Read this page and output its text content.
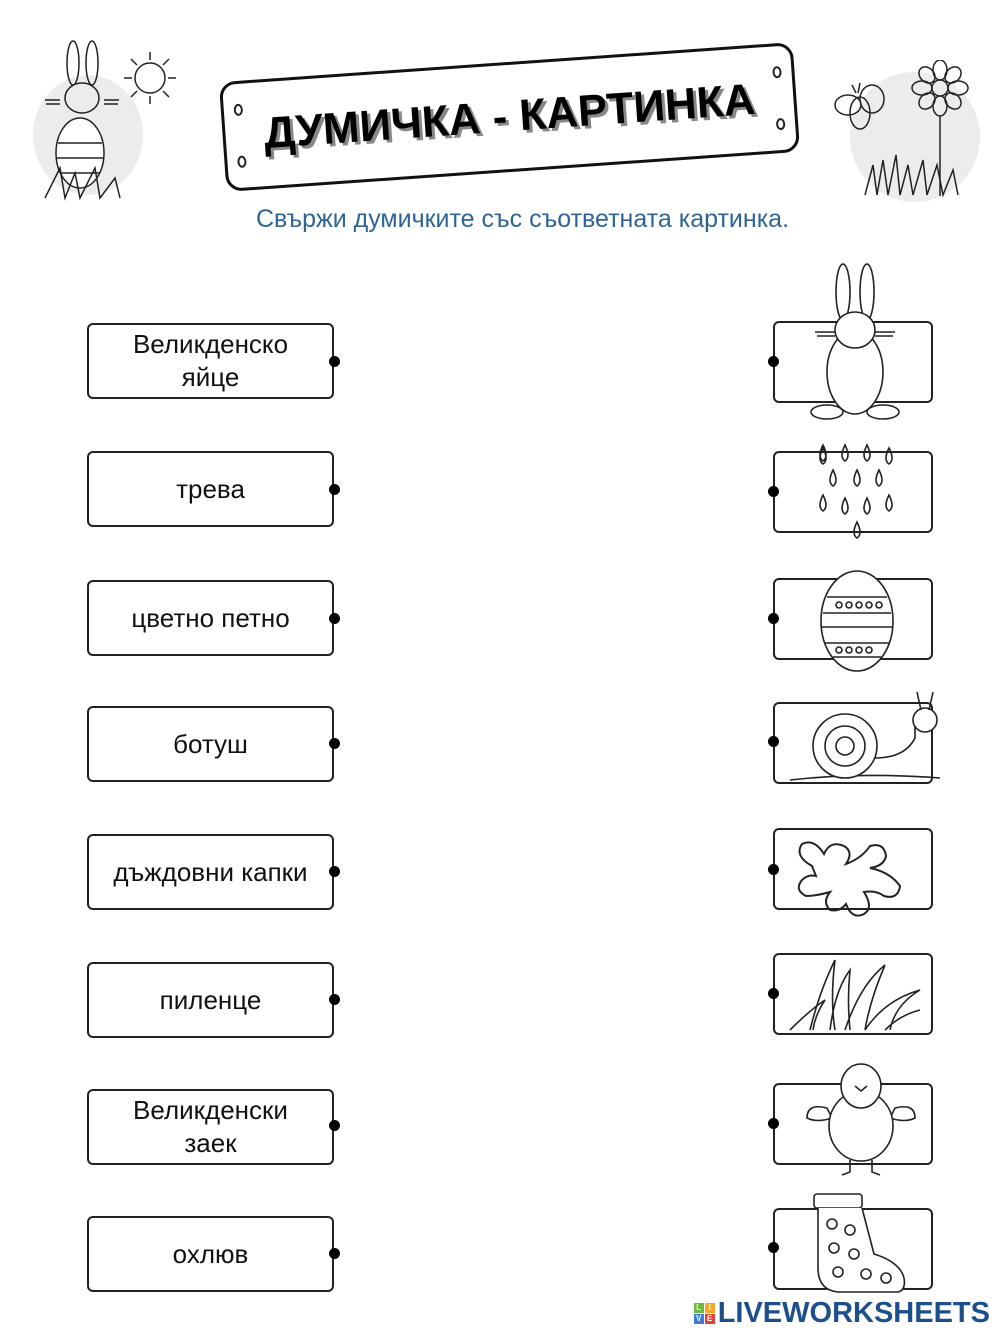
ДУМИЧКА - КАРТИНКА
Свържи думичките със съответната картинка.
Великденско яйце
трева
цветно петно
ботуш
дъждовни капки
пиленце
Великденски заек
охлюв
L I
V E LIVEWORKSHEETS
